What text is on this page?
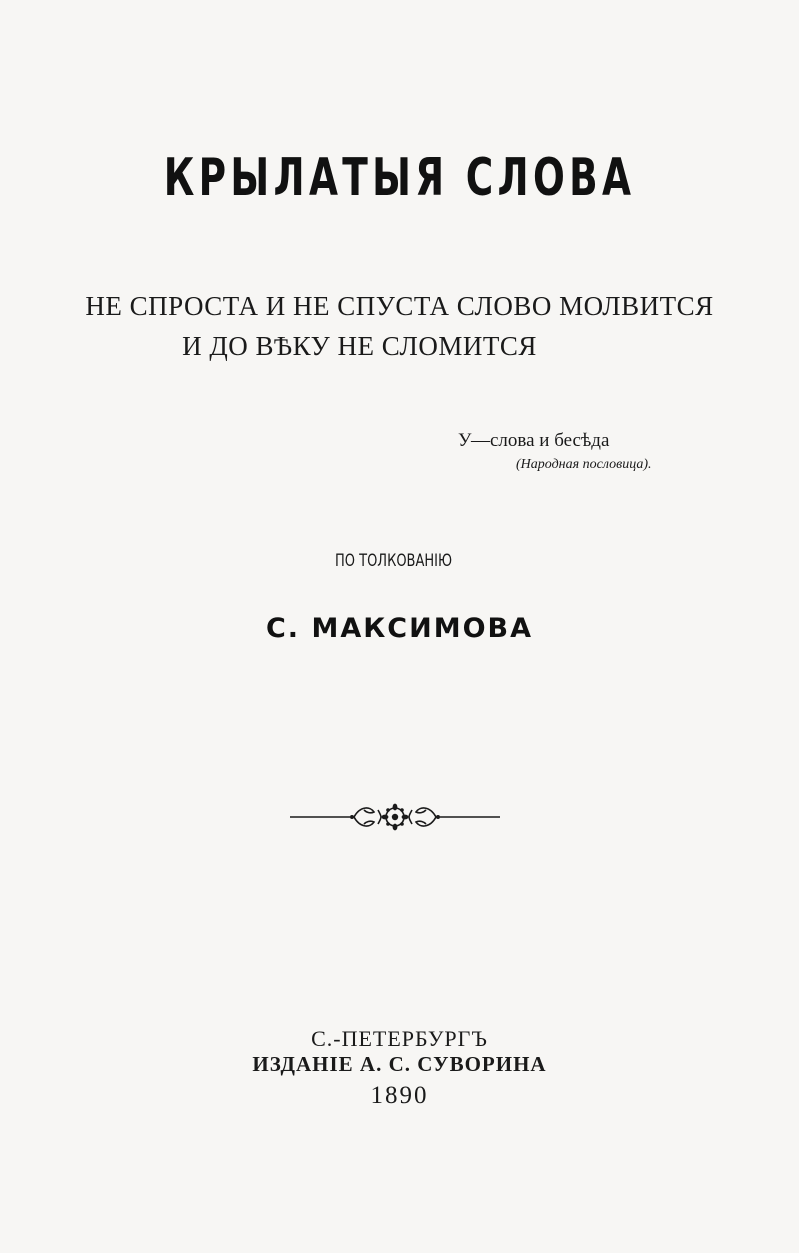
КРЫЛАТЫЯ СЛОВА
НЕ СПРОСТА И НЕ СПУСТА СЛОВО МОЛВИТСЯ
И ДО ВѢКУ НЕ СЛОМИТСЯ
У—слова и бесѣда
(Народная пословица).
ПО ТОЛКОВАНІЮ
С. МАКСИМОВА
С.-ПЕТЕРБУРГЪ
ИЗДАНІЕ А. С. СУВОРИНА
1890
